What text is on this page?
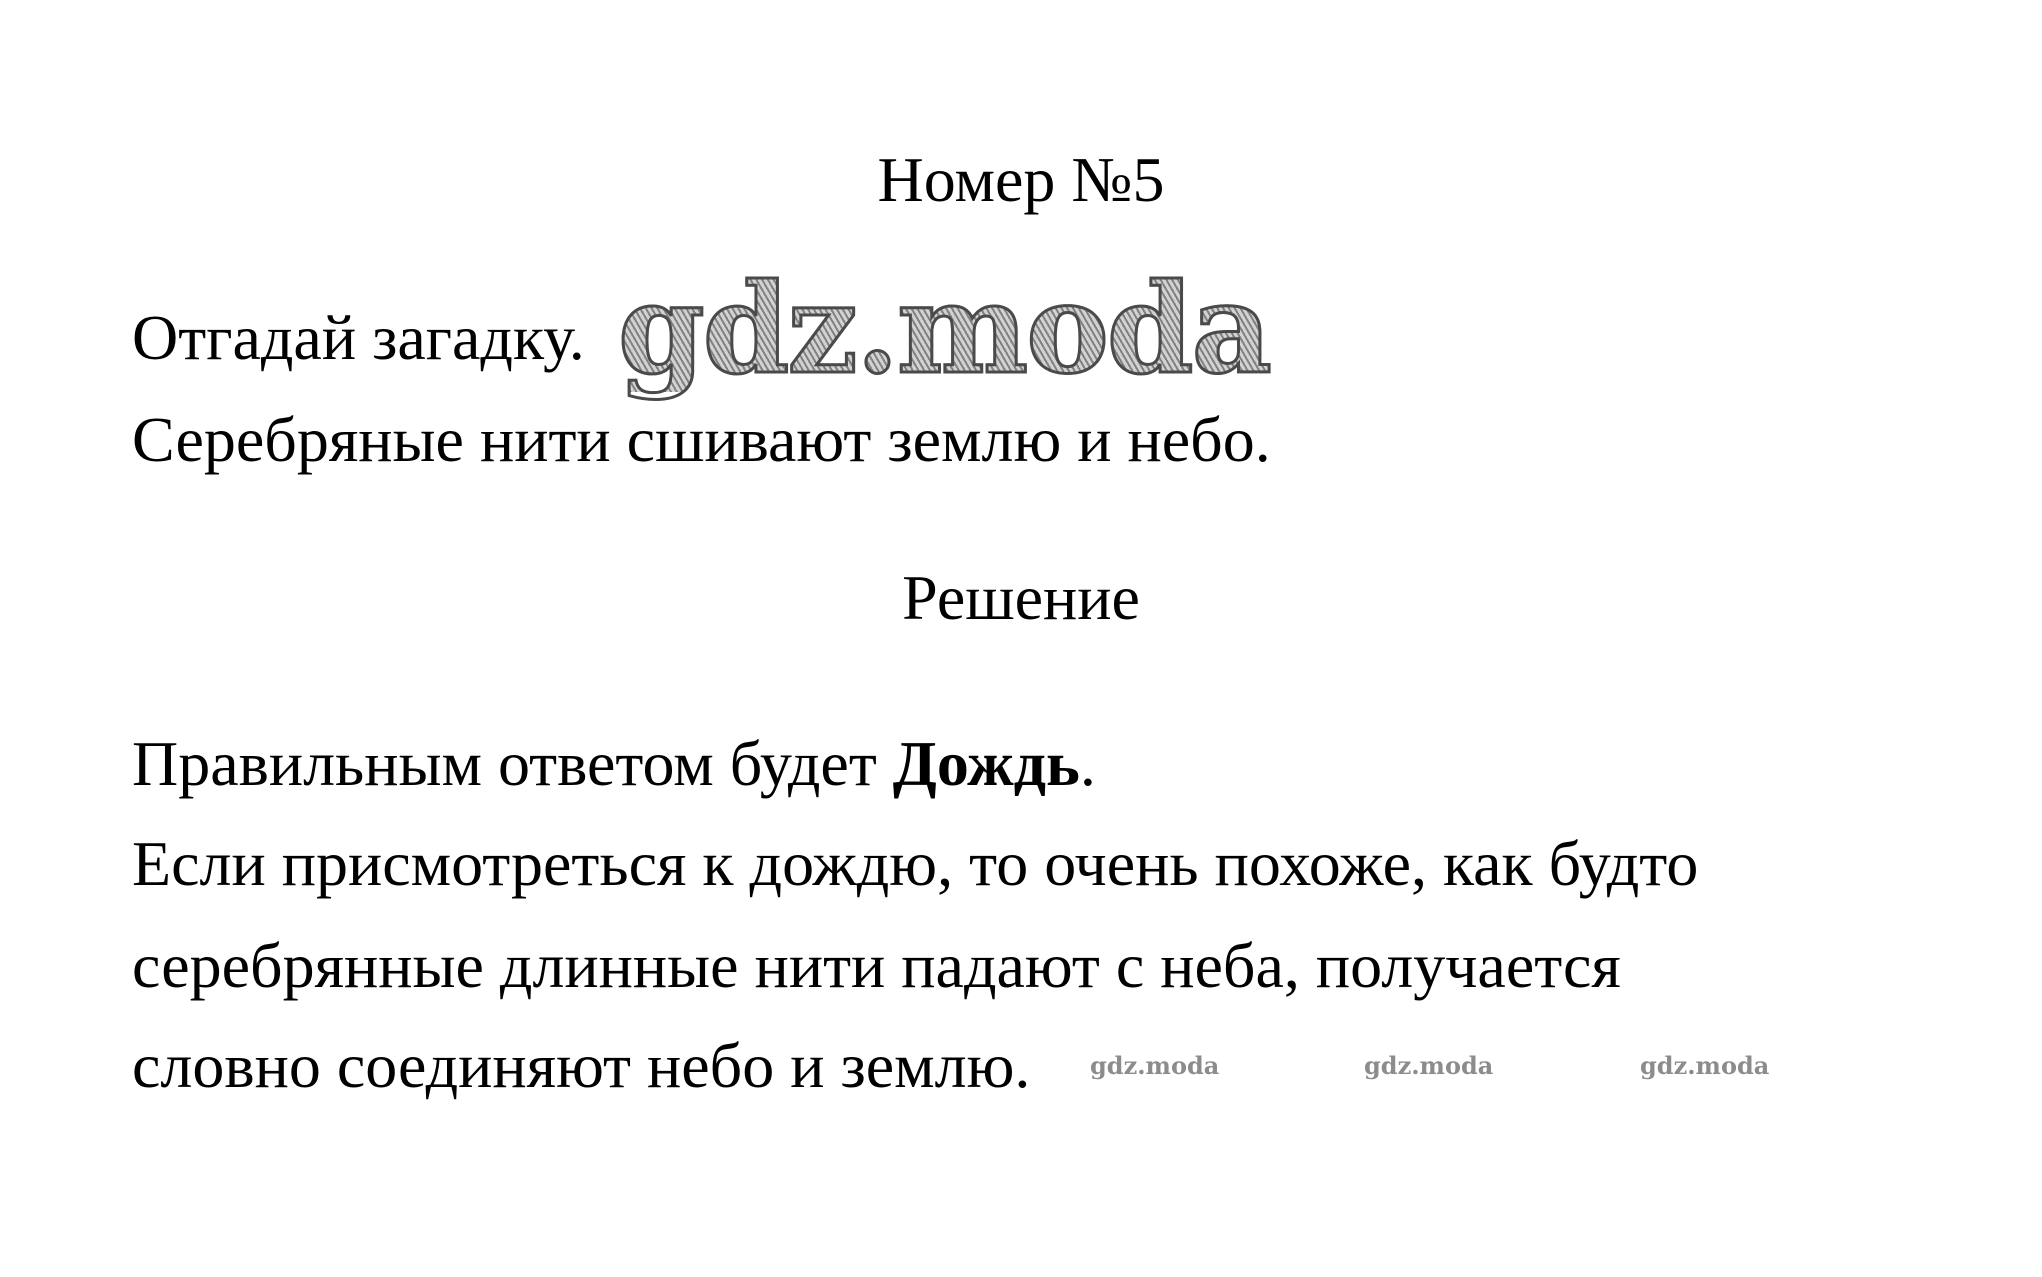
Номер №5
Отгадай загадку.
Серебряные нити сшивают землю и небо.
gdz.moda
Решение
Правильным ответом будет Дождь.
Если присмотреться к дождю, то очень похоже, как будто
серебрянные длинные нити падают с неба, получается
словно соединяют небо и землю. gdz.moda	gdz.moda	gdz.moda
